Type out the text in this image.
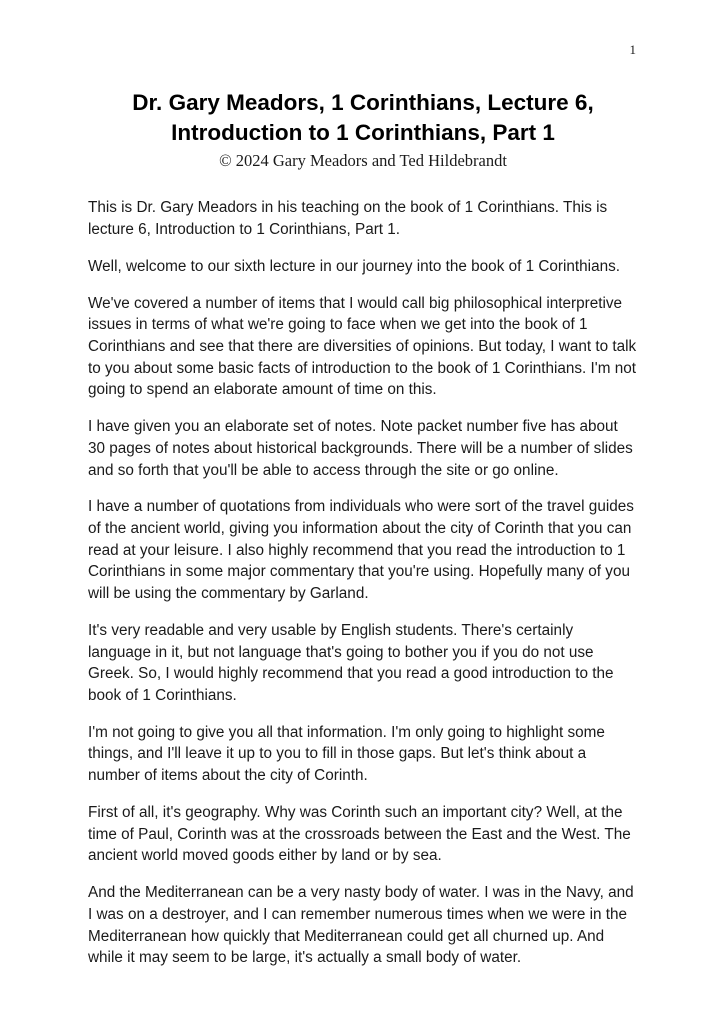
1
Dr. Gary Meadors, 1 Corinthians, Lecture 6,
Introduction to 1 Corinthians, Part 1
© 2024 Gary Meadors and Ted Hildebrandt

This is Dr. Gary Meadors in his teaching on the book of 1 Corinthians. This is lecture 6, Introduction to 1 Corinthians, Part 1.

Well, welcome to our sixth lecture in our journey into the book of 1 Corinthians.

We've covered a number of items that I would call big philosophical interpretive issues in terms of what we're going to face when we get into the book of 1 Corinthians and see that there are diversities of opinions. But today, I want to talk to you about some basic facts of introduction to the book of 1 Corinthians. I'm not going to spend an elaborate amount of time on this.

I have given you an elaborate set of notes. Note packet number five has about 30 pages of notes about historical backgrounds. There will be a number of slides and so forth that you'll be able to access through the site or go online.

I have a number of quotations from individuals who were sort of the travel guides of the ancient world, giving you information about the city of Corinth that you can read at your leisure. I also highly recommend that you read the introduction to 1 Corinthians in some major commentary that you're using. Hopefully many of you will be using the commentary by Garland.

It's very readable and very usable by English students. There's certainly language in it, but not language that's going to bother you if you do not use Greek. So, I would highly recommend that you read a good introduction to the book of 1 Corinthians.

I'm not going to give you all that information. I'm only going to highlight some things, and I'll leave it up to you to fill in those gaps. But let's think about a number of items about the city of Corinth.

First of all, it's geography. Why was Corinth such an important city? Well, at the time of Paul, Corinth was at the crossroads between the East and the West. The ancient world moved goods either by land or by sea.

And the Mediterranean can be a very nasty body of water. I was in the Navy, and I was on a destroyer, and I can remember numerous times when we were in the Mediterranean how quickly that Mediterranean could get all churned up. And while it may seem to be large, it's actually a small body of water.
